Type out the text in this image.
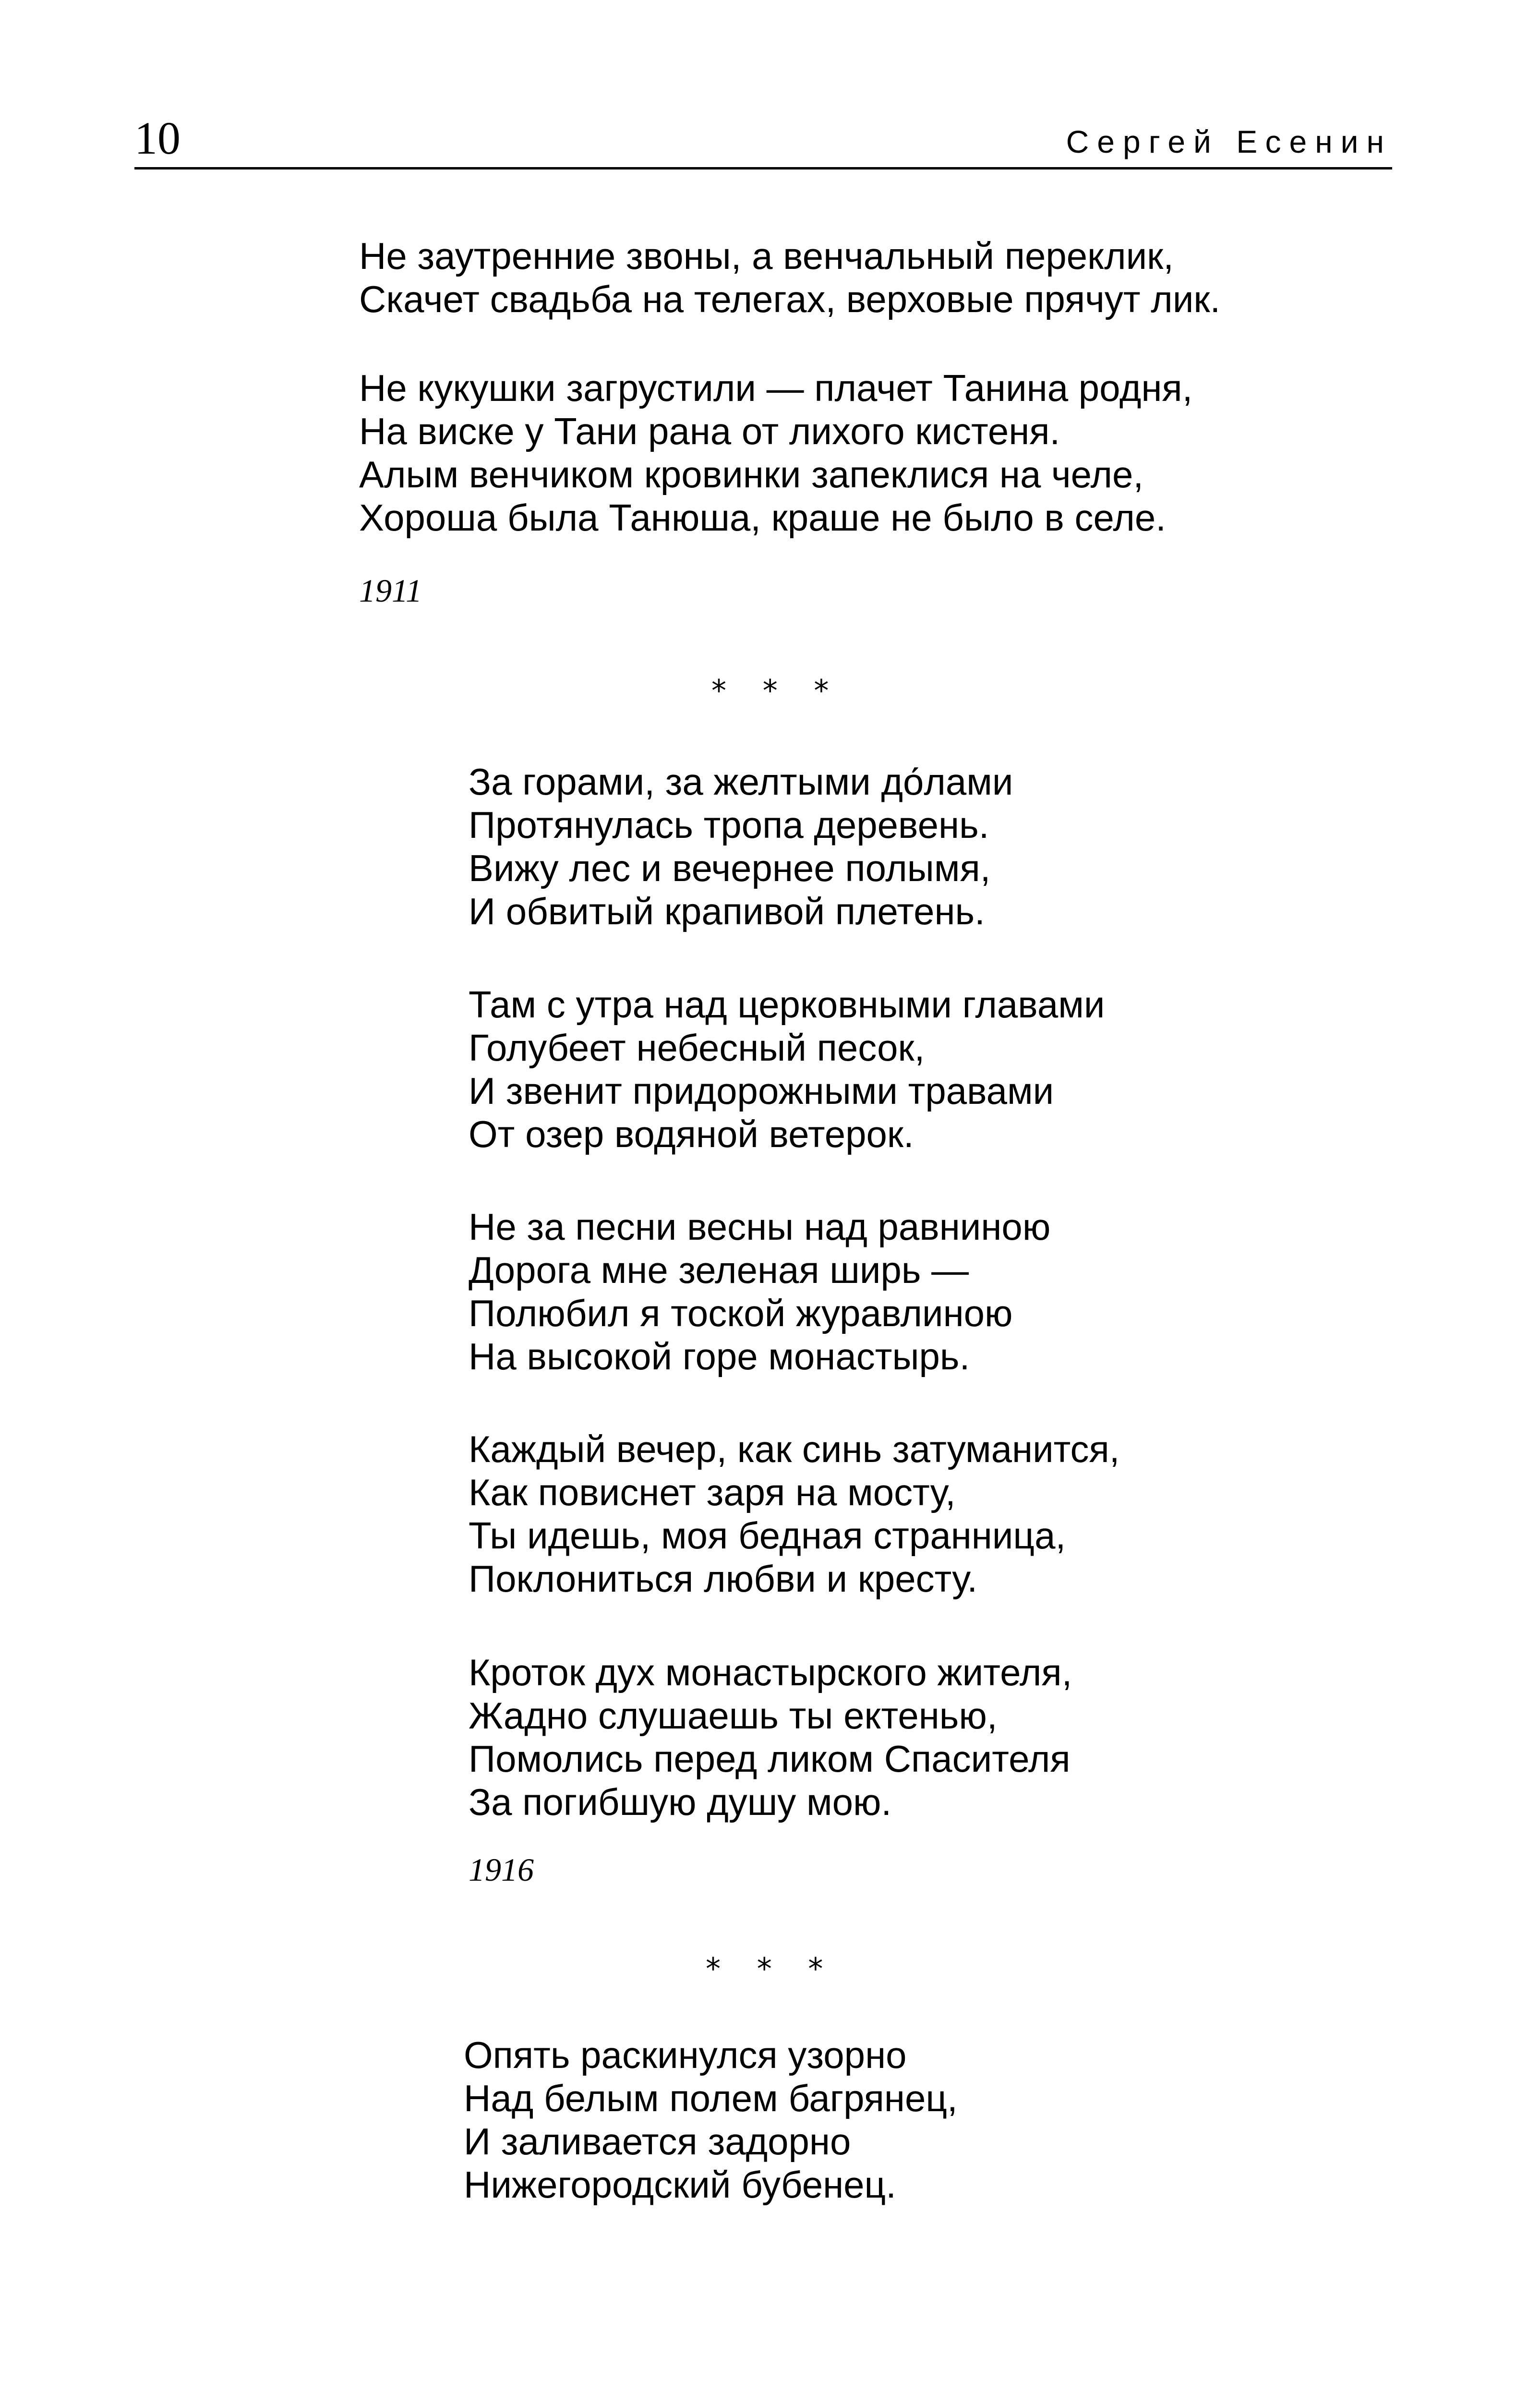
10	Сергей Есенин
Не заутренние звоны, а венчальный переклик,
Скачет свадьба на телегах, верховые прячут лик.
Не кукушки загрустили — плачет Танина родня,
На виске у Тани рана от лихого кистеня.
Алым венчиком кровинки запеклися на челе,
Хороша была Танюша, краше не было в селе.
1911
* * *
За горами, за желтыми до́лами
Протянулась тропа деревень.
Вижу лес и вечернее полымя,
И обвитый крапивой плетень.
Там с утра над церковными главами
Голубеет небесный песок,
И звенит придорожными травами
От озер водяной ветерок.
Не за песни весны над равниною
Дорога мне зеленая ширь —
Полюбил я тоской журавлиною
На высокой горе монастырь.
Каждый вечер, как синь затуманится,
Как повиснет заря на мосту,
Ты идешь, моя бедная странница,
Поклониться любви и кресту.
Кроток дух монастырского жителя,
Жадно слушаешь ты ектенью,
Помолись перед ликом Спасителя
За погибшую душу мою.
1916
* * *
Опять раскинулся узорно
Над белым полем багрянец,
И заливается задорно
Нижегородский бубенец.
